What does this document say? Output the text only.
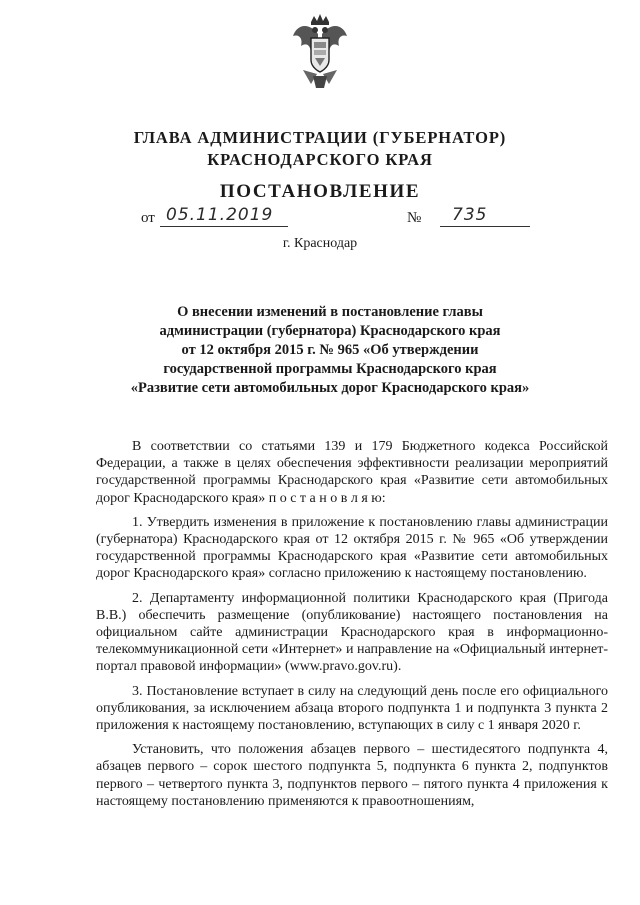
ГЛАВА АДМИНИСТРАЦИИ (ГУБЕРНАТОР)
КРАСНОДАРСКОГО КРАЯ
ПОСТАНОВЛЕНИЕ
от 05.11.2019	№ 735
г. Краснодар
О внесении изменений в постановление главы
администрации (губернатора) Краснодарского края
от 12 октября 2015 г. № 965 «Об утверждении
государственной программы Краснодарского края
«Развитие сети автомобильных дорог Краснодарского края»

В соответствии со статьями 139 и 179 Бюджетного кодекса Российской Федерации, а также в целях обеспечения эффективности реализации мероприятий государственной программы Краснодарского края «Развитие сети автомобильных дорог Краснодарского края» п о с т а н о в л я ю:

1. Утвердить изменения в приложение к постановлению главы администрации (губернатора) Краснодарского края от 12 октября 2015 г. № 965 «Об утверждении государственной программы Краснодарского края «Развитие сети автомобильных дорог Краснодарского края» согласно приложению к настоящему постановлению.

2. Департаменту информационной политики Краснодарского края (Пригода В.В.) обеспечить размещение (опубликование) настоящего постановления на официальном сайте администрации Краснодарского края в информационно-телекоммуникационной сети «Интернет» и направление на «Официальный интернет-портал правовой информации» (www.pravo.gov.ru).

3. Постановление вступает в силу на следующий день после его официального опубликования, за исключением абзаца второго подпункта 1 и подпункта 3 пункта 2 приложения к настоящему постановлению, вступающих в силу с 1 января 2020 г.

Установить, что положения абзацев первого – шестидесятого подпункта 4, абзацев первого – сорок шестого подпункта 5, подпункта 6 пункта 2, подпунктов первого – четвертого пункта 3, подпунктов первого – пятого пункта 4 приложения к настоящему постановлению применяются к правоотношениям,
